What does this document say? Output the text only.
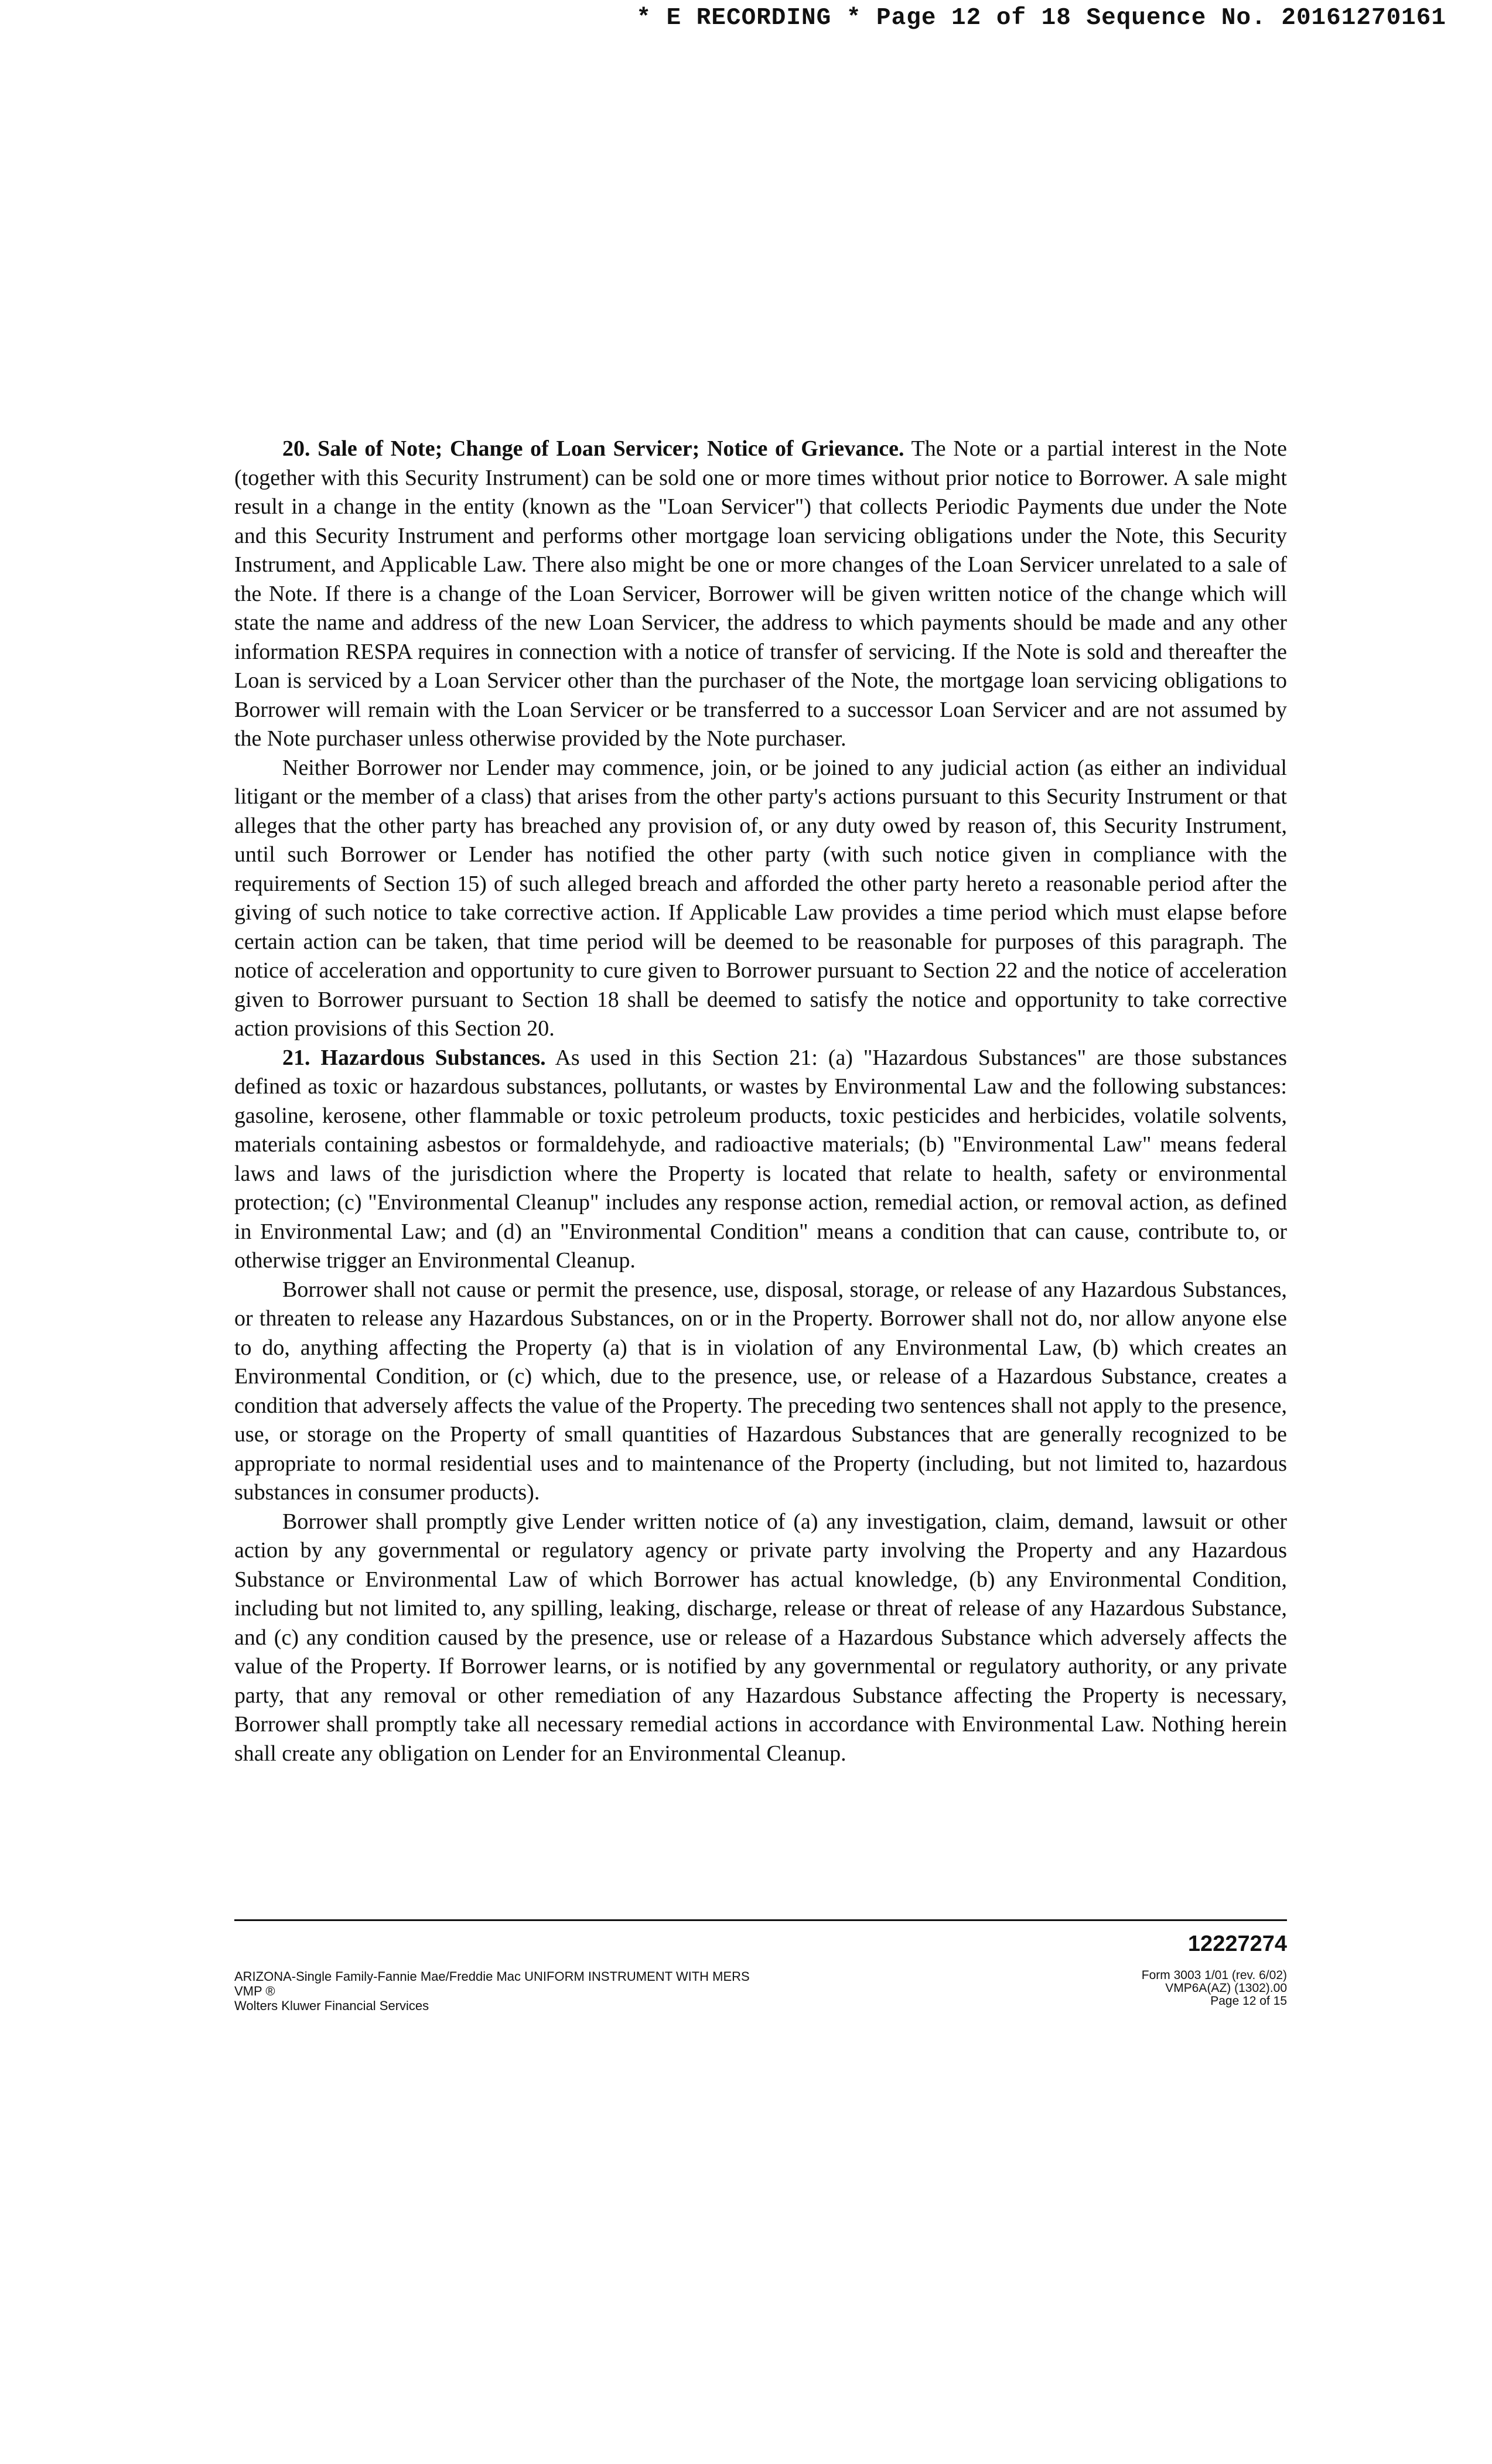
* E RECORDING * Page 12 of 18 Sequence No. 20161270161

20. Sale of Note; Change of Loan Servicer; Notice of Grievance. The Note or a partial interest in the Note (together with this Security Instrument) can be sold one or more times without prior notice to Borrower. A sale might result in a change in the entity (known as the "Loan Servicer") that collects Periodic Payments due under the Note and this Security Instrument and performs other mortgage loan servicing obligations under the Note, this Security Instrument, and Applicable Law. There also might be one or more changes of the Loan Servicer unrelated to a sale of the Note. If there is a change of the Loan Servicer, Borrower will be given written notice of the change which will state the name and address of the new Loan Servicer, the address to which payments should be made and any other information RESPA requires in connection with a notice of transfer of servicing. If the Note is sold and thereafter the Loan is serviced by a Loan Servicer other than the purchaser of the Note, the mortgage loan servicing obligations to Borrower will remain with the Loan Servicer or be transferred to a successor Loan Servicer and are not assumed by the Note purchaser unless otherwise provided by the Note purchaser.

Neither Borrower nor Lender may commence, join, or be joined to any judicial action (as either an individual litigant or the member of a class) that arises from the other party's actions pursuant to this Security Instrument or that alleges that the other party has breached any provision of, or any duty owed by reason of, this Security Instrument, until such Borrower or Lender has notified the other party (with such notice given in compliance with the requirements of Section 15) of such alleged breach and afforded the other party hereto a reasonable period after the giving of such notice to take corrective action. If Applicable Law provides a time period which must elapse before certain action can be taken, that time period will be deemed to be reasonable for purposes of this paragraph. The notice of acceleration and opportunity to cure given to Borrower pursuant to Section 22 and the notice of acceleration given to Borrower pursuant to Section 18 shall be deemed to satisfy the notice and opportunity to take corrective action provisions of this Section 20.

21. Hazardous Substances. As used in this Section 21: (a) "Hazardous Substances" are those substances defined as toxic or hazardous substances, pollutants, or wastes by Environmental Law and the following substances: gasoline, kerosene, other flammable or toxic petroleum products, toxic pesticides and herbicides, volatile solvents, materials containing asbestos or formaldehyde, and radioactive materials; (b) "Environmental Law" means federal laws and laws of the jurisdiction where the Property is located that relate to health, safety or environmental protection; (c) "Environmental Cleanup" includes any response action, remedial action, or removal action, as defined in Environmental Law; and (d) an "Environmental Condition" means a condition that can cause, contribute to, or otherwise trigger an Environmental Cleanup.

Borrower shall not cause or permit the presence, use, disposal, storage, or release of any Hazardous Substances, or threaten to release any Hazardous Substances, on or in the Property. Borrower shall not do, nor allow anyone else to do, anything affecting the Property (a) that is in violation of any Environmental Law, (b) which creates an Environmental Condition, or (c) which, due to the presence, use, or release of a Hazardous Substance, creates a condition that adversely affects the value of the Property. The preceding two sentences shall not apply to the presence, use, or storage on the Property of small quantities of Hazardous Substances that are generally recognized to be appropriate to normal residential uses and to maintenance of the Property (including, but not limited to, hazardous substances in consumer products).

Borrower shall promptly give Lender written notice of (a) any investigation, claim, demand, lawsuit or other action by any governmental or regulatory agency or private party involving the Property and any Hazardous Substance or Environmental Law of which Borrower has actual knowledge, (b) any Environmental Condition, including but not limited to, any spilling, leaking, discharge, release or threat of release of any Hazardous Substance, and (c) any condition caused by the presence, use or release of a Hazardous Substance which adversely affects the value of the Property. If Borrower learns, or is notified by any governmental or regulatory authority, or any private party, that any removal or other remediation of any Hazardous Substance affecting the Property is necessary, Borrower shall promptly take all necessary remedial actions in accordance with Environmental Law. Nothing herein shall create any obligation on Lender for an Environmental Cleanup.

ARIZONA-Single Family-Fannie Mae/Freddie Mac UNIFORM INSTRUMENT WITH MERS
VMP ®
Wolters Kluwer Financial Services
12227274
Form 3003 1/01 (rev. 6/02)
VMP6A(AZ) (1302).00
Page 12 of 15
